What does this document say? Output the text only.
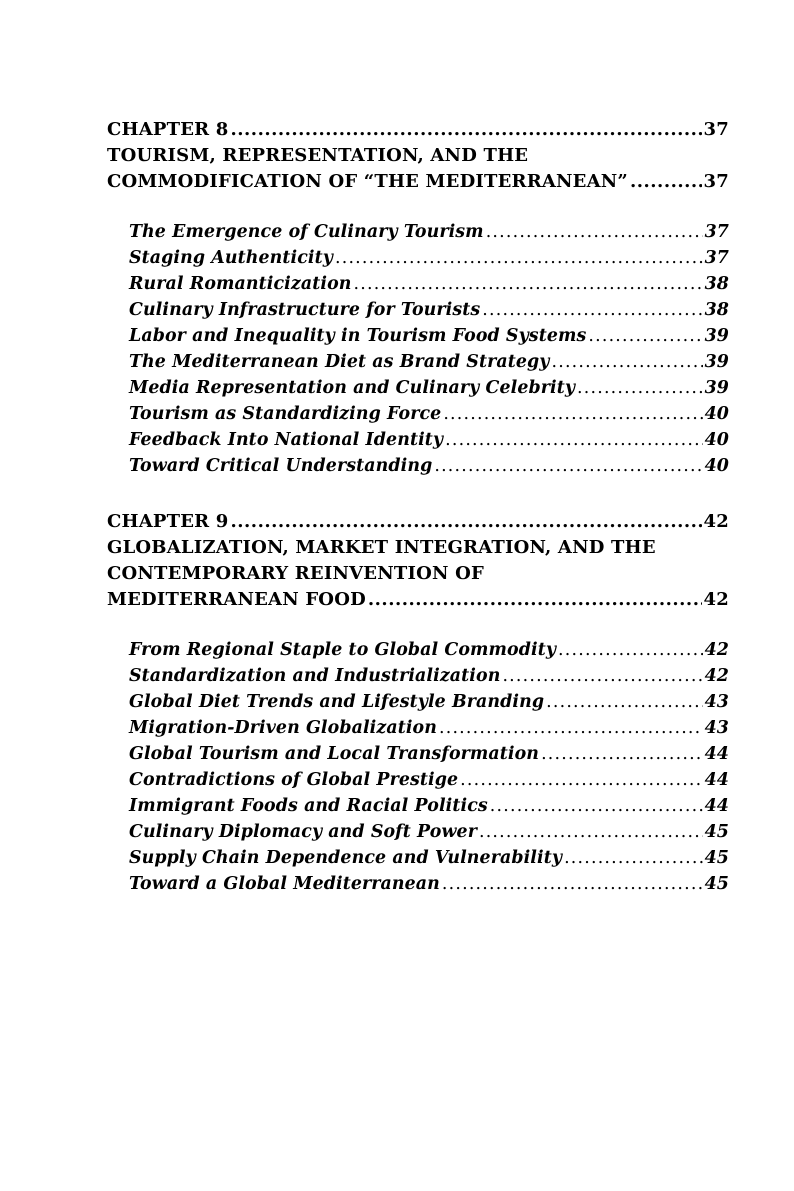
CHAPTER 8 .....	37
TOURISM, REPRESENTATION, AND THE
COMMODIFICATION OF “THE MEDITERRANEAN” .....	37
The Emergence of Culinary Tourism .....	37
Staging Authenticity .....	37
Rural Romanticization .....	38
Culinary Infrastructure for Tourists .....	38
Labor and Inequality in Tourism Food Systems .....	39
The Mediterranean Diet as Brand Strategy .....	39
Media Representation and Culinary Celebrity .....	39
Tourism as Standardizing Force .....	40
Feedback Into National Identity .....	40
Toward Critical Understanding .....	40
CHAPTER 9 .....	42
GLOBALIZATION, MARKET INTEGRATION, AND THE
CONTEMPORARY REINVENTION OF
MEDITERRANEAN FOOD .....	42
From Regional Staple to Global Commodity .....	42
Standardization and Industrialization .....	42
Global Diet Trends and Lifestyle Branding .....	43
Migration-Driven Globalization .....	43
Global Tourism and Local Transformation .....	44
Contradictions of Global Prestige .....	44
Immigrant Foods and Racial Politics .....	44
Culinary Diplomacy and Soft Power .....	45
Supply Chain Dependence and Vulnerability .....	45
Toward a Global Mediterranean .....	45
